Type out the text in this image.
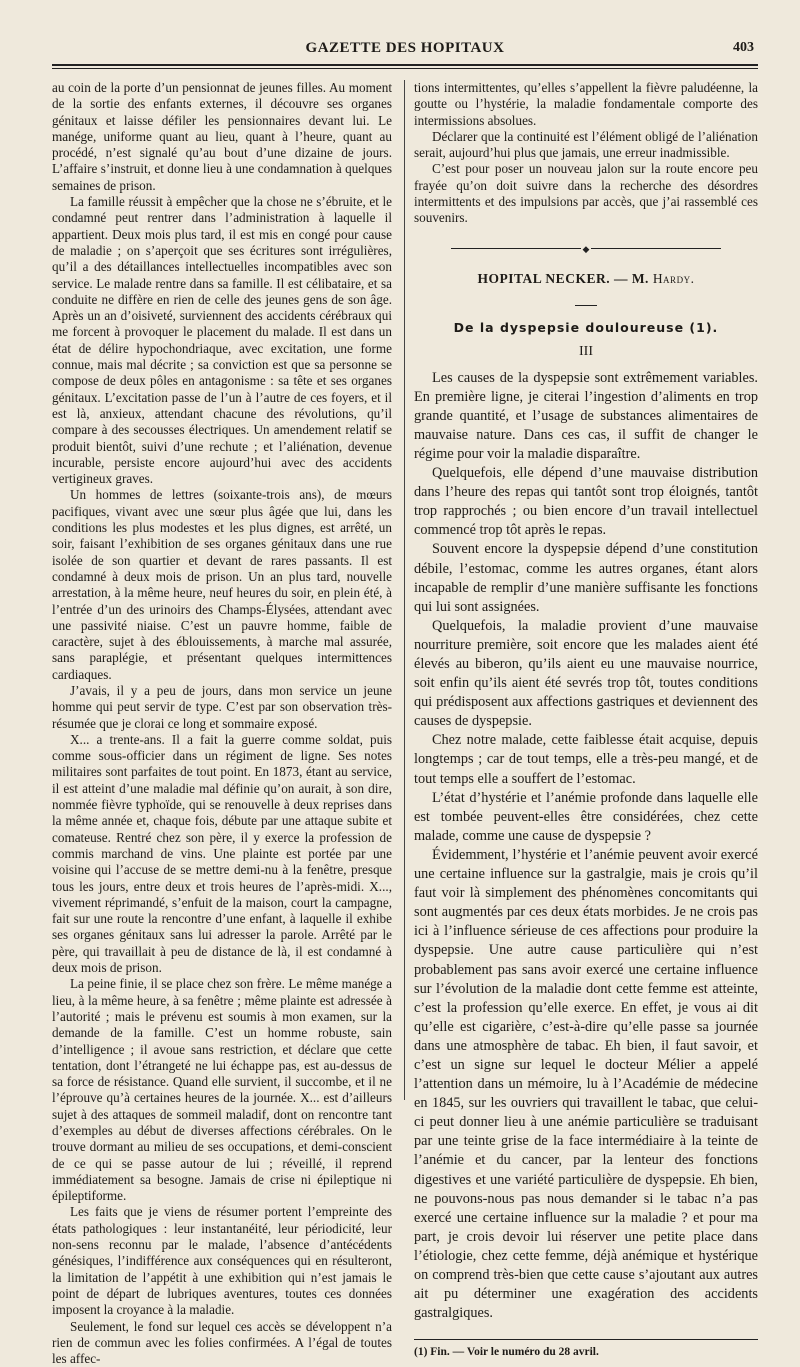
GAZETTE DES HOPITAUX	403

au coin de la porte d’un pensionnat de jeunes filles. Au moment de la sortie des enfants externes, il découvre ses organes génitaux et laisse défiler les pensionnaires devant lui. Le manége, uniforme quant au lieu, quant à l’heure, quant au procédé, n’est signalé qu’au bout d’une dizaine de jours. L’affaire s’instruit, et donne lieu à une condamnation à quelques semaines de prison.

La famille réussit à empêcher que la chose ne s’ébruite, et le condamné peut rentrer dans l’administration à laquelle il appartient. Deux mois plus tard, il est mis en congé pour cause de maladie ; on s’aperçoit que ses écritures sont irrégulières, qu’il a des détaillances intellectuelles incompatibles avec son service. Le malade rentre dans sa famille. Il est célibataire, et sa conduite ne diffère en rien de celle des jeunes gens de son âge. Après un an d’oisiveté, surviennent des accidents cérébraux qui me forcent à provoquer le placement du malade. Il est dans un état de délire hypochondriaque, avec excitation, une forme connue, mais mal décrite ; sa conviction est que sa personne se compose de deux pôles en antagonisme : sa tête et ses organes génitaux. L’excitation passe de l’un à l’autre de ces foyers, et il est là, anxieux, attendant chacune des révolutions, qu’il compare à des secousses électriques. Un amendement relatif se produit bientôt, suivi d’une rechute ; et l’aliénation, devenue incurable, persiste encore aujourd’hui avec des accidents vertigineux graves.

Un hommes de lettres (soixante-trois ans), de mœurs pacifiques, vivant avec une sœur plus âgée que lui, dans les conditions les plus modestes et les plus dignes, est arrêté, un soir, faisant l’exhibition de ses organes génitaux dans une rue isolée de son quartier et devant de rares passants. Il est condamné à deux mois de prison. Un an plus tard, nouvelle arrestation, à la même heure, neuf heures du soir, en plein été, à l’entrée d’un des urinoirs des Champs-Élysées, attendant avec une passivité niaise. C’est un pauvre homme, faible de caractère, sujet à des éblouissements, à marche mal assurée, sans paraplégie, et présentant quelques intermittences cardiaques.

J’avais, il y a peu de jours, dans mon service un jeune homme qui peut servir de type. C’est par son observation très-résumée que je clorai ce long et sommaire exposé.

X... a trente-ans. Il a fait la guerre comme soldat, puis comme sous-officier dans un régiment de ligne. Ses notes militaires sont parfaites de tout point. En 1873, étant au service, il est atteint d’une maladie mal définie qu’on aurait, à son dire, nommée fièvre typhoïde, qui se renouvelle à deux reprises dans la même année et, chaque fois, débute par une attaque subite et comateuse. Rentré chez son père, il y exerce la profession de commis marchand de vins. Une plainte est portée par une voisine qui l’accuse de se mettre demi-nu à la fenêtre, presque tous les jours, entre deux et trois heures de l’après-midi. X..., vivement réprimandé, s’enfuit de la maison, court la campagne, fait sur une route la rencontre d’une enfant, à laquelle il exhibe ses organes génitaux sans lui adresser la parole. Arrêté par le père, qui travaillait à peu de distance de là, il est condamné à deux mois de prison.

La peine finie, il se place chez son frère. Le même manége a lieu, à la même heure, à sa fenêtre ; même plainte est adressée à l’autorité ; mais le prévenu est soumis à mon examen, sur la demande de la famille. C’est un homme robuste, sain d’intelligence ; il avoue sans restriction, et déclare que cette tentation, dont l’étrangeté ne lui échappe pas, est au-dessus de sa force de résistance. Quand elle survient, il succombe, et il ne l’éprouve qu’à certaines heures de la journée. X... est d’ailleurs sujet à des attaques de sommeil maladif, dont on rencontre tant d’exemples au début de diverses affections cérébrales. On le trouve dormant au milieu de ses occupations, et demi-conscient de ce qui se passe autour de lui ; réveillé, il reprend immédiatement sa besogne. Jamais de crise ni épileptique ni épileptiforme.

Les faits que je viens de résumer portent l’empreinte des états pathologiques : leur instantanéité, leur périodicité, leur non-sens reconnu par le malade, l’absence d’antécédents génésiques, l’indifférence aux conséquences qui en résulteront, la limitation de l’appétit à une exhibition qui n’est jamais le point de départ de lubriques aventures, toutes ces données imposent la croyance à la maladie.

Seulement, le fond sur lequel ces accès se développent n’a rien de commun avec les folies confirmées. A l’égal de toutes les affec-

tions intermittentes, qu’elles s’appellent la fièvre paludéenne, la goutte ou l’hystérie, la maladie fondamentale comporte des intermissions absolues.

Déclarer que la continuité est l’élément obligé de l’aliénation serait, aujourd’hui plus que jamais, une erreur inadmissible.

C’est pour poser un nouveau jalon sur la route encore peu frayée qu’on doit suivre dans la recherche des désordres intermittents et des impulsions par accès, que j’ai rassemblé ces souvenirs.

◆
HOPITAL NECKER. — M. Hardy.
De la dyspepsie douloureuse (1).
III

Les causes de la dyspepsie sont extrêmement variables. En première ligne, je citerai l’ingestion d’aliments en trop grande quantité, et l’usage de substances alimentaires de mauvaise nature. Dans ces cas, il suffit de changer le régime pour voir la maladie disparaître.

Quelquefois, elle dépend d’une mauvaise distribution dans l’heure des repas qui tantôt sont trop éloignés, tantôt trop rapprochés ; ou bien encore d’un travail intellectuel commencé trop tôt après le repas.

Souvent encore la dyspepsie dépend d’une constitution débile, l’estomac, comme les autres organes, étant alors incapable de remplir d’une manière suffisante les fonctions qui lui sont assignées.

Quelquefois, la maladie provient d’une mauvaise nourriture première, soit encore que les malades aient été élevés au biberon, qu’ils aient eu une mauvaise nourrice, soit enfin qu’ils aient été sevrés trop tôt, toutes conditions qui prédisposent aux affections gastriques et deviennent des causes de dyspepsie.

Chez notre malade, cette faiblesse était acquise, depuis longtemps ; car de tout temps, elle a très-peu mangé, et de tout temps elle a souffert de l’estomac.

L’état d’hystérie et l’anémie profonde dans laquelle elle est tombée peuvent-elles être considérées, chez cette malade, comme une cause de dyspepsie ?

Évidemment, l’hystérie et l’anémie peuvent avoir exercé une certaine influence sur la gastralgie, mais je crois qu’il faut voir là simplement des phénomènes concomitants qui sont augmentés par ces deux états morbides. Je ne crois pas ici à l’influence sérieuse de ces affections pour produire la dyspepsie. Une autre cause particulière qui n’est probablement pas sans avoir exercé une certaine influence sur l’évolution de la maladie dont cette femme est atteinte, c’est la profession qu’elle exerce. En effet, je vous ai dit qu’elle est cigarière, c’est-à-dire qu’elle passe sa journée dans une atmosphère de tabac. Eh bien, il faut savoir, et c’est un signe sur lequel le docteur Mélier a appelé l’attention dans un mémoire, lu à l’Académie de médecine en 1845, sur les ouvriers qui travaillent le tabac, que celui-ci peut donner lieu à une anémie particulière se traduisant par une teinte grise de la face intermédiaire à la teinte de l’anémie et du cancer, par la lenteur des fonctions digestives et une variété particulière de dyspepsie. Eh bien, ne pouvons-nous pas nous demander si le tabac n’a pas exercé une certaine influence sur la maladie ? et pour ma part, je crois devoir lui réserver une petite place dans l’étiologie, chez cette femme, déjà anémique et hystérique on comprend très-bien que cette cause s’ajoutant aux autres ait pu déterminer une exagération des accidents gastralgiques.

(1) Fin. — Voir le numéro du 28 avril.
